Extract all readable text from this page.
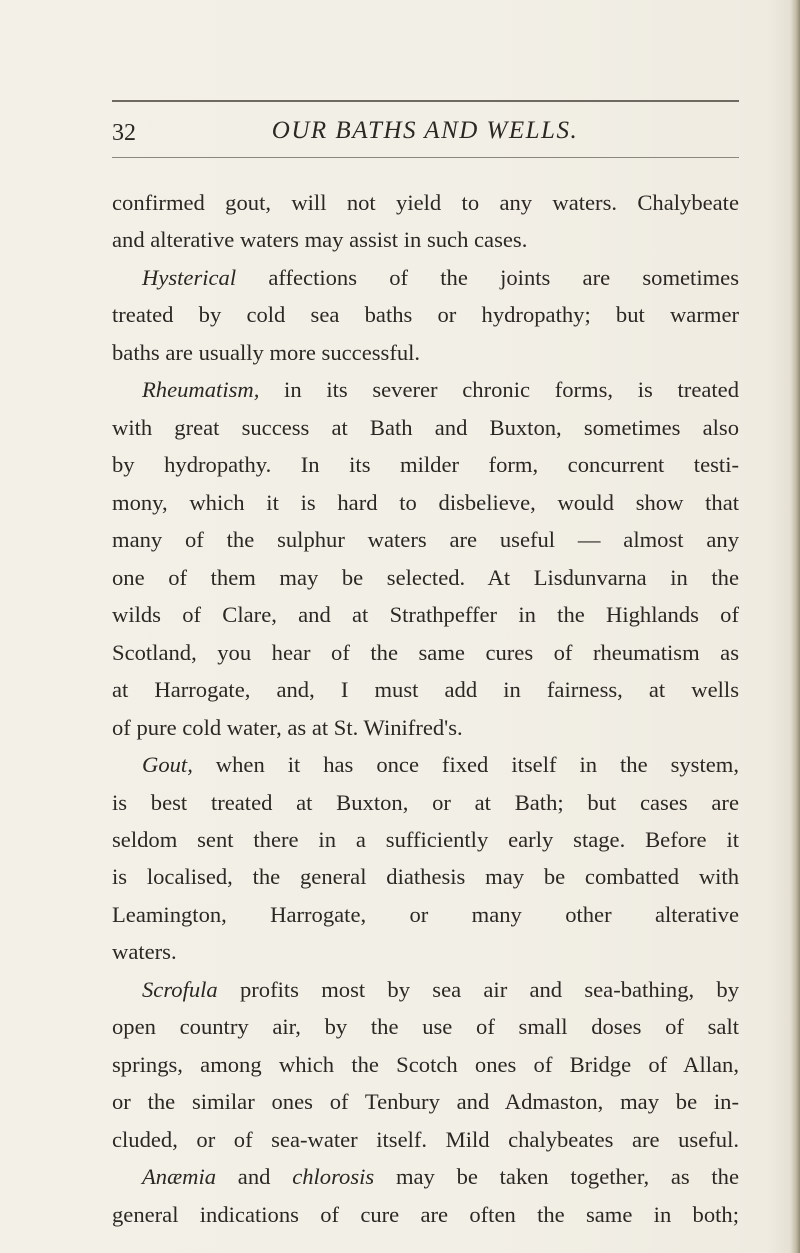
32	OUR BATHS AND WELLS.
confirmed gout, will not yield to any waters. Chalybeate
and alterative waters may assist in such cases.
Hysterical affections of the joints are sometimes
treated by cold sea baths or hydropathy; but warmer
baths are usually more successful.
Rheumatism, in its severer chronic forms, is treated
with great success at Bath and Buxton, sometimes also
by hydropathy. In its milder form, concurrent testi-
mony, which it is hard to disbelieve, would show that
many of the sulphur waters are useful — almost any
one of them may be selected. At Lisdunvarna in the
wilds of Clare, and at Strathpeffer in the Highlands of
Scotland, you hear of the same cures of rheumatism as
at Harrogate, and, I must add in fairness, at wells
of pure cold water, as at St. Winifred's.
Gout, when it has once fixed itself in the system,
is best treated at Buxton, or at Bath; but cases are
seldom sent there in a sufficiently early stage. Before it
is localised, the general diathesis may be combatted with
Leamington, Harrogate, or many other alterative
waters.
Scrofula profits most by sea air and sea-bathing, by
open country air, by the use of small doses of salt
springs, among which the Scotch ones of Bridge of Allan,
or the similar ones of Tenbury and Admaston, may be in-
cluded, or of sea-water itself. Mild chalybeates are useful.
Anæmia and chlorosis may be taken together, as the
general indications of cure are often the same in both;
